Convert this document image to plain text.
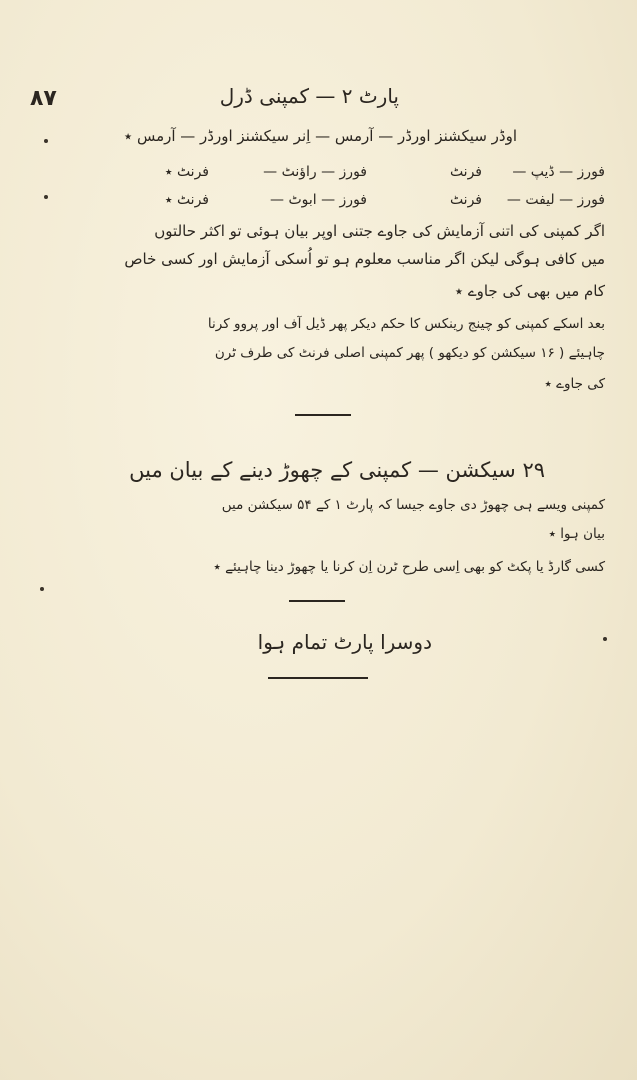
۸۷	پارٹ ۲ — کمپنی ڈرل
اوڈر سیکشنز اورڈر — آرمس — اِنر سیکشنز اورڈر — آرمس ٭
فورز — ڈیپ —
فرنٹ
فورز — راؤنٹ —
فرنٹ ٭
فورز — لیفت —
فرنٹ
فورز — ابوٹ —
فرنٹ ٭
اگر کمپنی کی اتنی آزمایش کی جاوے جتنی اوپر بیان ہوئی تو اکثر حالتوں
میں کافی ہوگی لیکن اگر مناسب معلوم ہو تو اُسکی آزمایش اور کسی خاص
کام میں بھی کی جاوے ٭
بعد اسکے کمپنی کو چینج رینکس کا حکم دیکر پھر ڈیل آف اور پروو کرنا
چاہیئے ( ۱۶ سیکشن کو دیکھو ) پھر کمپنی اصلی فرنٹ کی طرف ٹرن
کی جاوے ٭
۲۹ سیکشن — کمپنی کے چھوڑ دینے کے بیان میں
کمپنی ویسے ہی چھوڑ دی جاوے جیسا کہ پارٹ ۱ کے ۵۴ سیکشن میں
بیان ہوا ٭
کسی گارڈ یا پکٹ کو بھی اِسی طرح ٹرن اِن کرنا یا چھوڑ دینا چاہیئے ٭
دوسرا پارٹ تمام ہوا
